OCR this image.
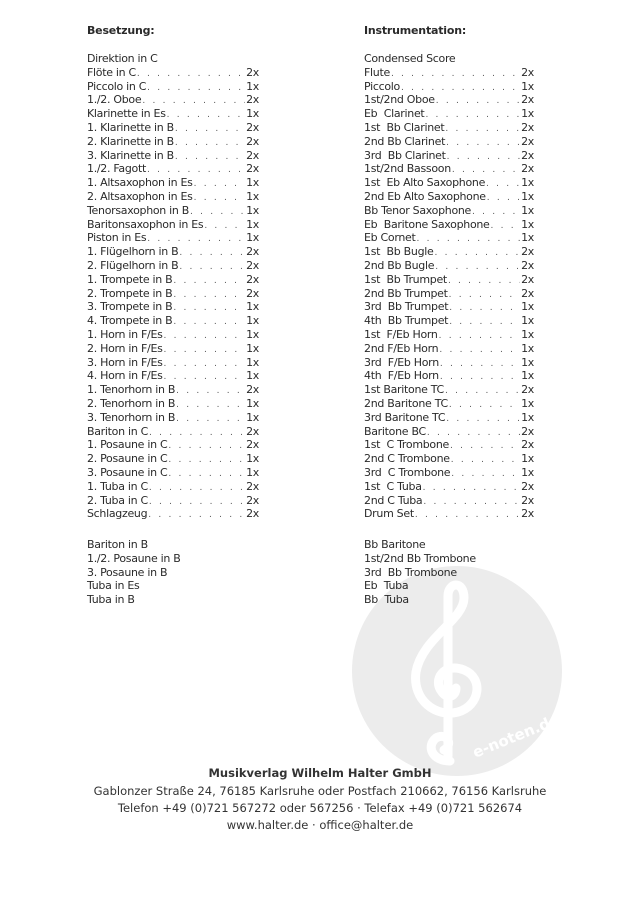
e-noten.de
Besetzung:
Direktion in C
Flöte in C . . .	2x
Piccolo in C . . .	1x
1./2. Oboe . . .	2x
Klarinette in Es . . .	1x
1. Klarinette in B . . .	2x
2. Klarinette in B . . .	2x
3. Klarinette in B . . .	2x
1./2. Fagott . . .	2x
1. Altsaxophon in Es . . .	1x
2. Altsaxophon in Es . . .	1x
Tenorsaxophon in B . . .	1x
Baritonsaxophon in Es . . .	1x
Piston in Es . . .	1x
1. Flügelhorn in B . . .	2x
2. Flügelhorn in B . . .	2x
1. Trompete in B . . .	2x
2. Trompete in B . . .	2x
3. Trompete in B . . .	1x
4. Trompete in B . . .	1x
1. Horn in F/Es . . .	1x
2. Horn in F/Es . . .	1x
3. Horn in F/Es . . .	1x
4. Horn in F/Es . . .	1x
1. Tenorhorn in B . . .	2x
2. Tenorhorn in B . . .	1x
3. Tenorhorn in B . . .	1x
Bariton in C . . .	2x
1. Posaune in C . . .	2x
2. Posaune in C . . .	1x
3. Posaune in C . . .	1x
1. Tuba in C . . .	2x
2. Tuba in C . . .	2x
Schlagzeug . . .	2x
Bariton in B
1./2. Posaune in B
3. Posaune in B
Tuba in Es
Tuba in B
Instrumentation:
Condensed Score
Flute . . .	2x
Piccolo . . .	1x
1st/2nd Oboe . . .	2x
Eb  Clarinet . . .	1x
1st  Bb Clarinet . . .	2x
2nd Bb Clarinet . . .	2x
3rd  Bb Clarinet . . .	2x
1st/2nd Bassoon . . .	2x
1st  Eb Alto Saxophone . . .	1x
2nd Eb Alto Saxophone . . .	1x
Bb Tenor Saxophone . . .	1x
Eb  Baritone Saxophone . . .	1x
Eb Cornet . . .	1x
1st  Bb Bugle . . .	2x
2nd Bb Bugle . . .	2x
1st  Bb Trumpet . . .	2x
2nd Bb Trumpet . . .	2x
3rd  Bb Trumpet . . .	1x
4th  Bb Trumpet . . .	1x
1st  F/Eb Horn . . .	1x
2nd F/Eb Horn . . .	1x
3rd  F/Eb Horn . . .	1x
4th  F/Eb Horn . . .	1x
1st Baritone TC . . .	2x
2nd Baritone TC . . .	1x
3rd Baritone TC . . .	1x
Baritone BC . . .	2x
1st  C Trombone . . .	2x
2nd C Trombone . . .	1x
3rd  C Trombone . . .	1x
1st  C Tuba . . .	2x
2nd C Tuba . . .	2x
Drum Set . . .	2x
Bb Baritone
1st/2nd Bb Trombone
3rd  Bb Trombone
Eb  Tuba
Bb  Tuba
Musikverlag Wilhelm Halter GmbH
Gablonzer Straße 24, 76185 Karlsruhe oder Postfach 210662, 76156 Karlsruhe
Telefon +49 (0)721 567272 oder 567256 · Telefax +49 (0)721 562674
www.halter.de · office@halter.de
